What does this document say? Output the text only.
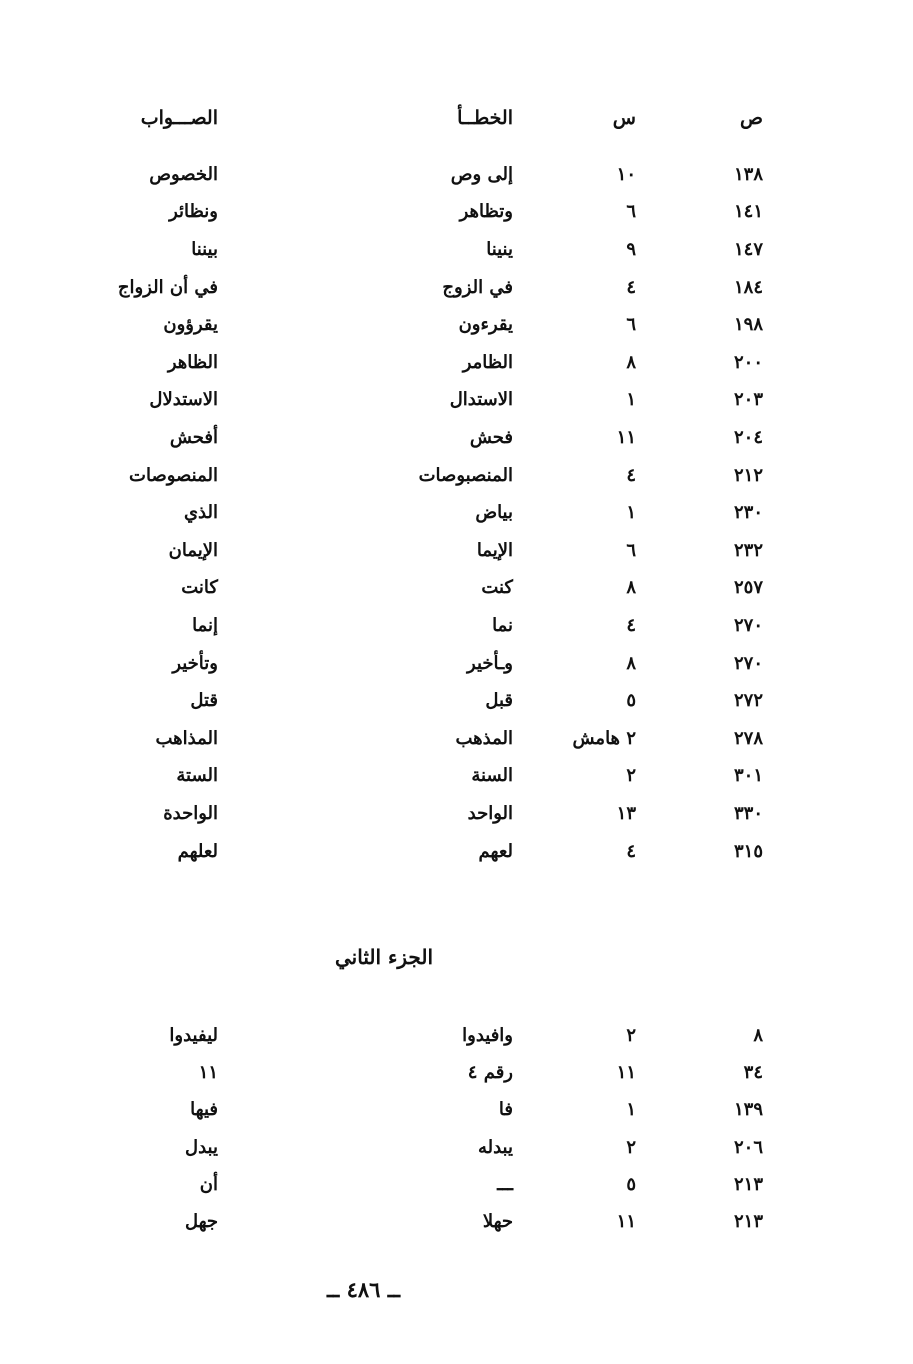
ص
س
الخطــأ
الصـــواب
١٣٨
١٠
إلى وص
الخصوص
١٤١
٦
وتظاهر
ونظائر
١٤٧
٩
ينينا
بيننا
١٨٤
٤
في الزوج
في أن الزواج
١٩٨
٦
يقرءون
يقرؤون
٢٠٠
٨
الظامر
الظاهر
٢٠٣
١
الاستدال
الاستدلال
٢٠٤
١١
فحش
أفحش
٢١٢
٤
المنصبوصات
المنصوصات
٢٣٠
١
بياض
الذي
٢٣٢
٦
الإيما
الإيمان
٢٥٧
٨
كنت
كانت
٢٧٠
٤
نما
إنما
٢٧٠
٨
وـأخير
وتأخير
٢٧٢
٥
قبل
قتل
٢٧٨
٢ هامش
المذهب
المذاهب
٣٠١
٢
السنة
الستة
٣٣٠
١٣
الواحد
الواحدة
٣١٥
٤
لعهم
لعلهم
الجزء الثاني
٨
٢
وافيدوا
ليفيدوا
٣٤
١١
رقم ٤
١١
١٣٩
١
فا
فيها
٢٠٦
٢
يبدله
يبدل
٢١٣
٥
ـــ
أن
٢١٣
١١
حهلا
جهل
ــ ٤٨٦ ــ
